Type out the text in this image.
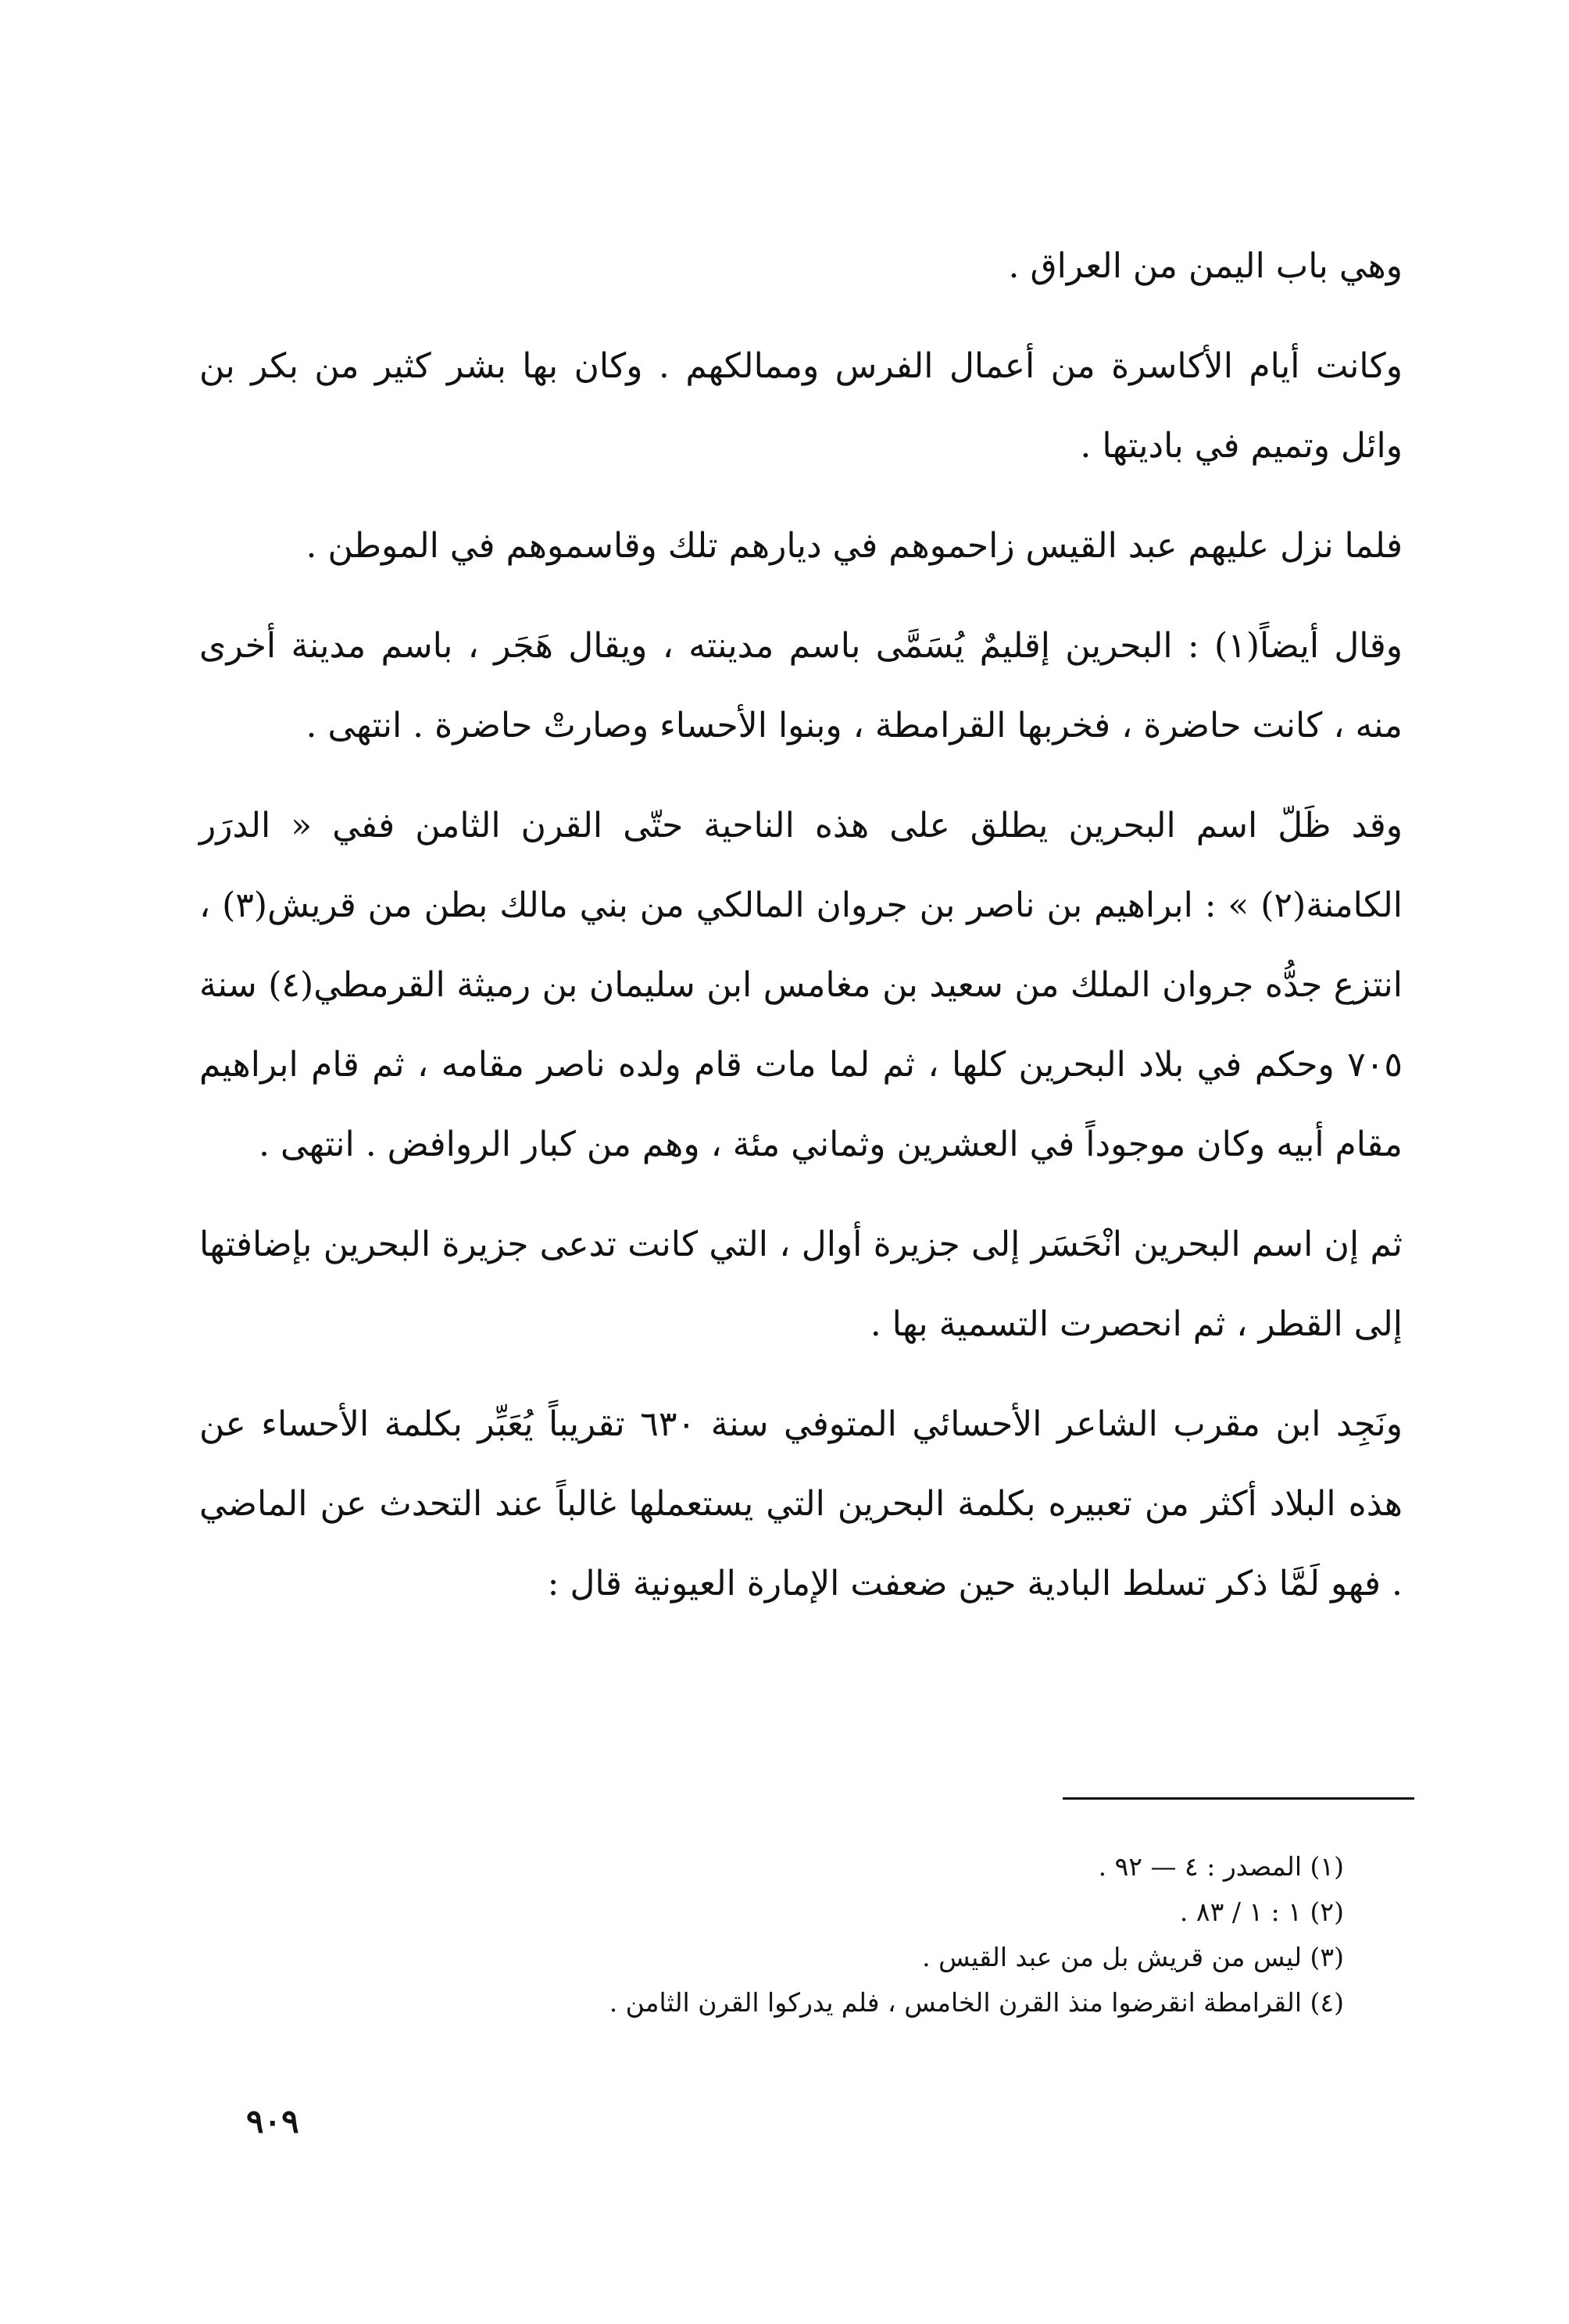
وهي باب اليمن من العراق .

وكانت أيام الأكاسرة من أعمال الفرس وممالكهم . وكان بها بشر كثير من بكر بن وائل وتميم في باديتها .

فلما نزل عليهم عبد القيس زاحموهم في ديارهم تلك وقاسموهم في الموطن .

وقال أيضاً(١) : البحرين إقليمٌ يُسَمَّى باسم مدينته ، ويقال هَجَر ، باسم مدينة أخرى منه ، كانت حاضرة ، فخربها القرامطة ، وبنوا الأحساء وصارتْ حاضرة . انتهى .

وقد ظَلّ اسم البحرين يطلق على هذه الناحية حتّى القرن الثامن ففي « الدرَر الكامنة(٢) » : ابراهيم بن ناصر بن جروان المالكي من بني مالك بطن من قريش(٣) ، انتزع جدُّه جروان الملك من سعيد بن مغامس ابن سليمان بن رميثة القرمطي(٤) سنة ٧٠٥ وحكم في بلاد البحرين كلها ، ثم لما مات قام ولده ناصر مقامه ، ثم قام ابراهيم مقام أبيه وكان موجوداً في العشرين وثماني مئة ، وهم من كبار الروافض . انتهى .

ثم إن اسم البحرين انْحَسَر إلى جزيرة أوال ، التي كانت تدعى جزيرة البحرين بإضافتها إلى القطر ، ثم انحصرت التسمية بها .

ونَجِد ابن مقرب الشاعر الأحسائي المتوفي سنة ٦٣٠ تقريباً يُعَبِّر بكلمة الأحساء عن هذه البلاد أكثر من تعبيره بكلمة البحرين التي يستعملها غالباً عند التحدث عن الماضي . فهو لَمَّا ذكر تسلط البادية حين ضعفت الإمارة العيونية قال :

(١) المصدر : ٤ — ٩٢ .

(٢) ١ : ١ / ٨٣ .

(٣) ليس من قريش بل من عبد القيس .

(٤) القرامطة انقرضوا منذ القرن الخامس ، فلم يدركوا القرن الثامن .

٩٠٩
